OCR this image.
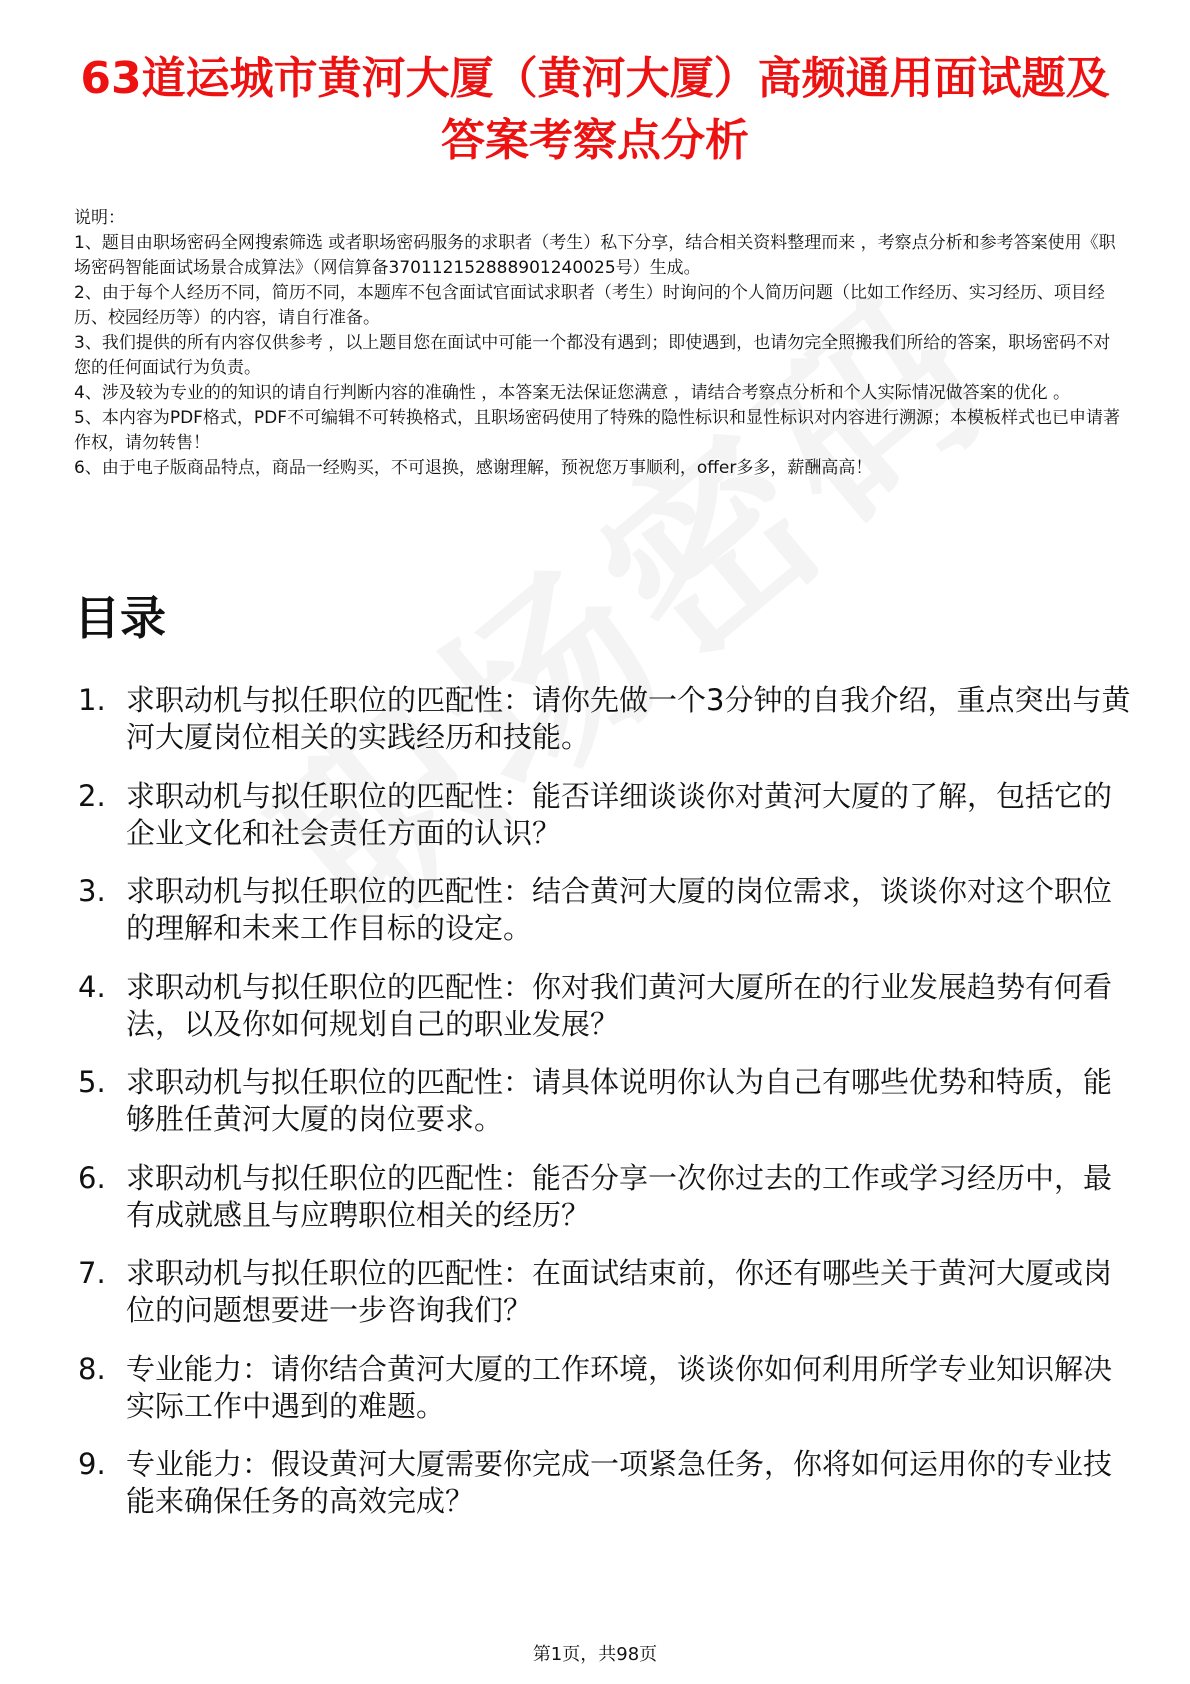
63道运城市黄河大厦（黄河大厦）高频通用面试题及答案考察点分析

说明：

1、题目由职场密码全网搜索筛选 或者职场密码服务的求职者（考生）私下分享，结合相关资料整理而来 ，考察点分析和参考答案使用《职场密码智能面试场景合成算法》（网信算备370112152888901240025号）生成。

2、由于每个人经历不同，简历不同，本题库不包含面试官面试求职者（考生）时询问的个人简历问题（比如工作经历、实习经历、项目经历、校园经历等）的内容，请自行准备。

3、我们提供的所有内容仅供参考 ，以上题目您在面试中可能一个都没有遇到；即使遇到，也请勿完全照搬我们所给的答案，职场密码不对您的任何面试行为负责。

4、涉及较为专业的的知识的请自行判断内容的准确性 ，本答案无法保证您满意 ，请结合考察点分析和个人实际情况做答案的优化 。

5、本内容为PDF格式，PDF不可编辑不可转换格式，且职场密码使用了特殊的隐性标识和显性标识对内容进行溯源；本模板样式也已申请著作权，请勿转售！

6、由于电子版商品特点，商品一经购买，不可退换，感谢理解，预祝您万事顺利，offer多多，薪酬高高！

目录
1. 求职动机与拟任职位的匹配性：请你先做一个3分钟的自我介绍，重点突出与黄河大厦岗位相关的实践经历和技能。
2. 求职动机与拟任职位的匹配性：能否详细谈谈你对黄河大厦的了解，包括它的企业文化和社会责任方面的认识？
3. 求职动机与拟任职位的匹配性：结合黄河大厦的岗位需求，谈谈你对这个职位的理解和未来工作目标的设定。
4. 求职动机与拟任职位的匹配性：你对我们黄河大厦所在的行业发展趋势有何看法，以及你如何规划自己的职业发展？
5. 求职动机与拟任职位的匹配性：请具体说明你认为自己有哪些优势和特质，能够胜任黄河大厦的岗位要求。
6. 求职动机与拟任职位的匹配性：能否分享一次你过去的工作或学习经历中，最有成就感且与应聘职位相关的经历？
7. 求职动机与拟任职位的匹配性：在面试结束前，你还有哪些关于黄河大厦或岗位的问题想要进一步咨询我们？
8. 专业能力：请你结合黄河大厦的工作环境，谈谈你如何利用所学专业知识解决实际工作中遇到的难题。
9. 专业能力：假设黄河大厦需要你完成一项紧急任务，你将如何运用你的专业技能来确保任务的高效完成？
第1页，共98页
